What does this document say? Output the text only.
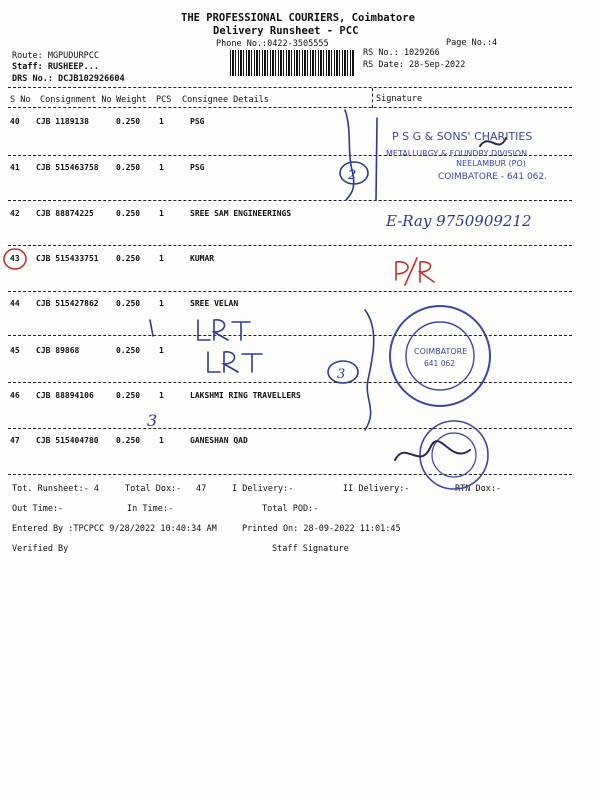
THE PROFESSIONAL COURIERS, Coimbatore
Delivery Runsheet - PCC
Phone No.:0422-3505555	Page No.:4
Route: MGPUDURPCC
Staff: RUSHEEP...
DRS No.: DCJB102926604
RS No.: 1029266
RS Date: 28-Sep-2022
S No Consignment No Weight PCS Consignee Details	Signature
40 CJB 1189138	0.250 1	PSG
41 CJB 515463758 0.250 1	PSG
42 CJB 88874225	0.250 1	SREE SAM ENGINEERINGS
43 CJB 515433751 0.250 1	KUMAR
44 CJB 515427862 0.250 1	SREE VELAN
45 CJB 89868	0.250 1
46 CJB 88894106	0.250 1	LAKSHMI RING TRAVELLERS
47 CJB 515404780 0.250 1	GANESHAN QAD
Tot. Runsheet:- 4	Total Dox:- 47	I Delivery:-	II Delivery:-	RTN Dox:-
Out Time:-	In Time:-	Total POD:-
Entered By :TPCPCC 9/28/2022 10:40:34 AM	Printed On: 28-09-2022 11:01:45
Verified By	Staff Signature
P S G & SONS' CHARITIES
METALLURGY & FOUNDRY DIVISION
NEELAMBUR (PO)
COIMBATORE - 641 062.
COIMBATORE
641 062
E-Ray 9750909212
2
3
3
